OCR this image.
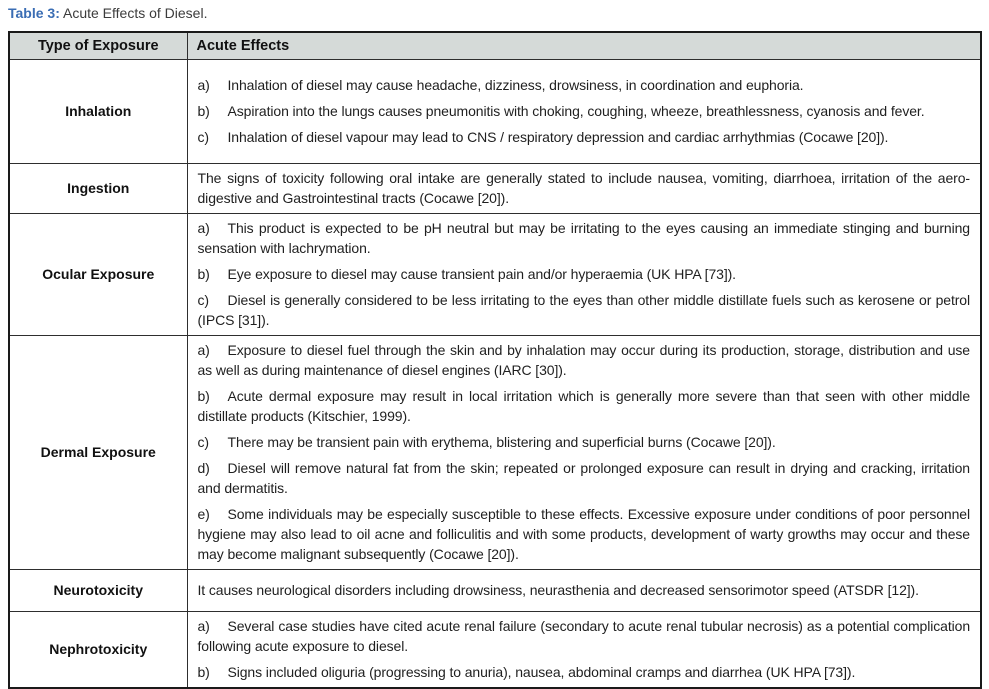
Table 3: Acute Effects of Diesel.
Type of Exposure	Acute Effects
Inhalation	a) Inhalation of diesel may cause headache, dizziness, drowsiness, in coordination and euphoria.

b) Aspiration into the lungs causes pneumonitis with choking, coughing, wheeze, breathlessness, cyanosis and fever.

c) Inhalation of diesel vapour may lead to CNS / respiratory depression and cardiac arrhythmias (Cocawe [20]).

Ingestion	The signs of toxicity following oral intake are generally stated to include nausea, vomiting, diarrhoea, irritation of the aero-digestive and Gastrointestinal tracts (Cocawe [20]).

Ocular Exposure	a) This product is expected to be pH neutral but may be irritating to the eyes causing an immediate stinging and burning sensation with lachrymation.

b) Eye exposure to diesel may cause transient pain and/or hyperaemia (UK HPA [73]).

c) Diesel is generally considered to be less irritating to the eyes than other middle distillate fuels such as kerosene or petrol (IPCS [31]).

Dermal Exposure	a) Exposure to diesel fuel through the skin and by inhalation may occur during its production, storage, distribution and use as well as during maintenance of diesel engines (IARC [30]).

b) Acute dermal exposure may result in local irritation which is generally more severe than that seen with other middle distillate products (Kitschier, 1999).

c) There may be transient pain with erythema, blistering and superficial burns (Cocawe [20]).

d) Diesel will remove natural fat from the skin; repeated or prolonged exposure can result in drying and cracking, irritation and dermatitis.

e) Some individuals may be especially susceptible to these effects. Excessive exposure under conditions of poor personnel hygiene may also lead to oil acne and folliculitis and with some products, development of warty growths may occur and these may become malignant subsequently (Cocawe [20]).

Neurotoxicity	It causes neurological disorders including drowsiness, neurasthenia and decreased sensorimotor speed (ATSDR [12]).

Nephrotoxicity	a) Several case studies have cited acute renal failure (secondary to acute renal tubular necrosis) as a potential complication following acute exposure to diesel.

b) Signs included oliguria (progressing to anuria), nausea, abdominal cramps and diarrhea (UK HPA [73]).
